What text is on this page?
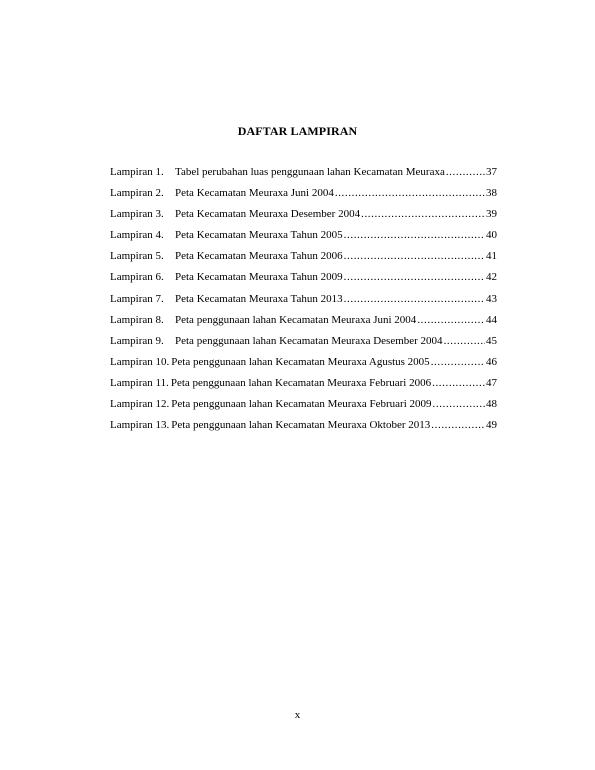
DAFTAR LAMPIRAN
Lampiran 1.	Tabel perubahan luas penggunaan lahan Kecamatan Meuraxa .....	37
Lampiran 2.	Peta Kecamatan Meuraxa Juni 2004 .....	38
Lampiran 3.	Peta Kecamatan Meuraxa Desember 2004 .....	39
Lampiran 4.	Peta Kecamatan Meuraxa Tahun 2005 .....	40
Lampiran 5.	Peta Kecamatan Meuraxa Tahun 2006 .....	41
Lampiran 6.	Peta Kecamatan Meuraxa Tahun 2009 .....	42
Lampiran 7.	Peta Kecamatan Meuraxa Tahun 2013 .....	43
Lampiran 8.	Peta penggunaan lahan Kecamatan Meuraxa Juni 2004 .....	44
Lampiran 9.	Peta penggunaan lahan Kecamatan Meuraxa Desember 2004 .....	45
Lampiran 10. Peta penggunaan lahan Kecamatan Meuraxa Agustus 2005 .....	46
Lampiran 11. Peta penggunaan lahan Kecamatan Meuraxa Februari 2006 .....	47
Lampiran 12. Peta penggunaan lahan Kecamatan Meuraxa Februari 2009 .....	48
Lampiran 13. Peta penggunaan lahan Kecamatan Meuraxa Oktober 2013 .....	49
x
